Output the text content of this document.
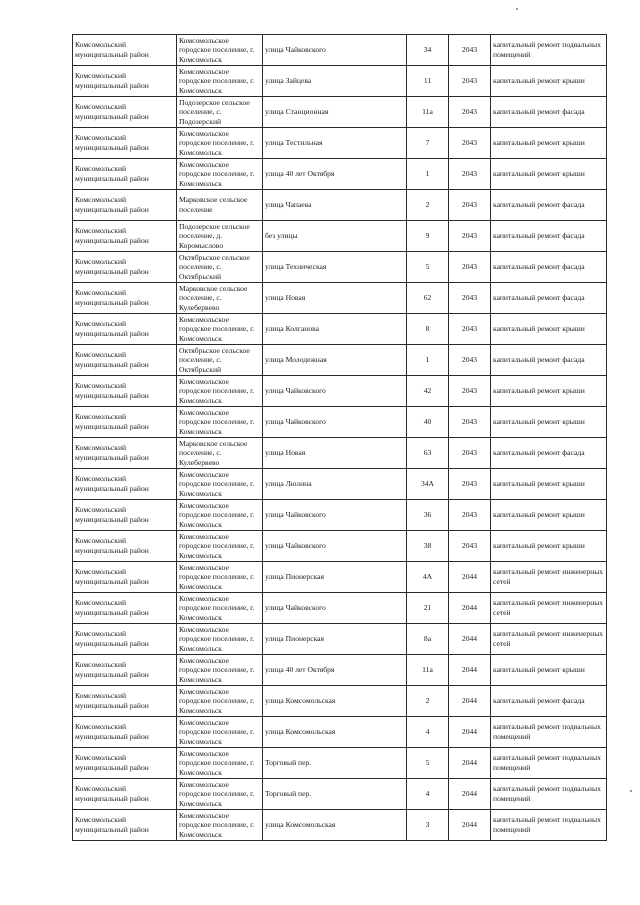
Комсомольский муниципальный район	Комсомольское городское поселение, г. Комсомольск	улица Чайковского	34	2043	капитальный ремонт подвальных помещений
Комсомольский муниципальный район	Комсомольское городское поселение, г. Комсомольск	улица Зайцева	11	2043	капитальный ремонт крыши
Комсомольский муниципальный район	Подозерское сельское поселение, с. Подозерский	улица Станционная	11а	2043	капитальный ремонт фасада
Комсомольский муниципальный район	Комсомольское городское поселение, г. Комсомольск	улица Тестильная	7	2043	капитальный ремонт крыши
Комсомольский муниципальный район	Комсомольское городское поселение, г. Комсомольск	улица 40 лет Октября	1	2043	капитальный ремонт крыши
Комсомольский муниципальный район	Марковское сельское поселение	улица Чапаева	2	2043	капитальный ремонт фасада
Комсомольский муниципальный район	Подозерское сельское поселение, д. Коромыслово	без улицы	9	2043	капитальный ремонт фасада
Комсомольский муниципальный район	Октябрьское сельское поселение, с. Октябрьский	улица Техническая	5	2043	капитальный ремонт фасада
Комсомольский муниципальный район	Марковское сельское поселение, с. Кулебервево	улица Новая	62	2043	капитальный ремонт фасада
Комсомольский муниципальный район	Комсомольское городское поселение, г. Комсомольск	улица Колганова	8	2043	капитальный ремонт крыши
Комсомольский муниципальный район	Октябрьское сельское поселение, с. Октябрьский	улица Молодежная	1	2043	капитальный ремонт фасада
Комсомольский муниципальный район	Комсомольское городское поселение, г. Комсомольск	улица Чайковского	42	2043	капитальный ремонт крыши
Комсомольский муниципальный район	Комсомольское городское поселение, г. Комсомольск	улица Чайковского	40	2043	капитальный ремонт крыши
Комсомольский муниципальный район	Марковское сельское поселение, с. Кулебервево	улица Новая	63	2043	капитальный ремонт фасада
Комсомольский муниципальный район	Комсомольское городское поселение, г. Комсомольск	улица Люлина	34А	2043	капитальный ремонт крыши
Комсомольский муниципальный район	Комсомольское городское поселение, г. Комсомольск	улица Чайковского	36	2043	капитальный ремонт крыши
Комсомольский муниципальный район	Комсомольское городское поселение, г. Комсомольск	улица Чайковского	38	2043	капитальный ремонт крыши
Комсомольский муниципальный район	Комсомольское городское поселение, г. Комсомольск	улица Пионерская	4А	2044	капитальный ремонт инженерных сетей
Комсомольский муниципальный район	Комсомольское городское поселение, г. Комсомольск	улица Чайковского	21	2044	капитальный ремонт инженерных сетей
Комсомольский муниципальный район	Комсомольское городское поселение, г. Комсомольск	улица Пионерская	8а	2044	капитальный ремонт инженерных сетей
Комсомольский муниципальный район	Комсомольское городское поселение, г. Комсомольск	улица 40 лет Октября	11а	2044	капитальный ремонт крыши
Комсомольский муниципальный район	Комсомольское городское поселение, г. Комсомольск	улица Комсомольская	2	2044	капитальный ремонт фасада
Комсомольский муниципальный район	Комсомольское городское поселение, г. Комсомольск	улица Комсомольская	4	2044	капитальный ремонт подвальных помещений
Комсомольский муниципальный район	Комсомольское городское поселение, г. Комсомольск	Торговый пер.	5	2044	капитальный ремонт подвальных помещений
Комсомольский муниципальный район	Комсомольское городское поселение, г. Комсомольск	Торговый пер.	4	2044	капитальный ремонт подвальных помещений
Комсомольский муниципальный район	Комсомольское городское поселение, г. Комсомольск	улица Комсомольская	3	2044	капитальный ремонт подвальных помещений
